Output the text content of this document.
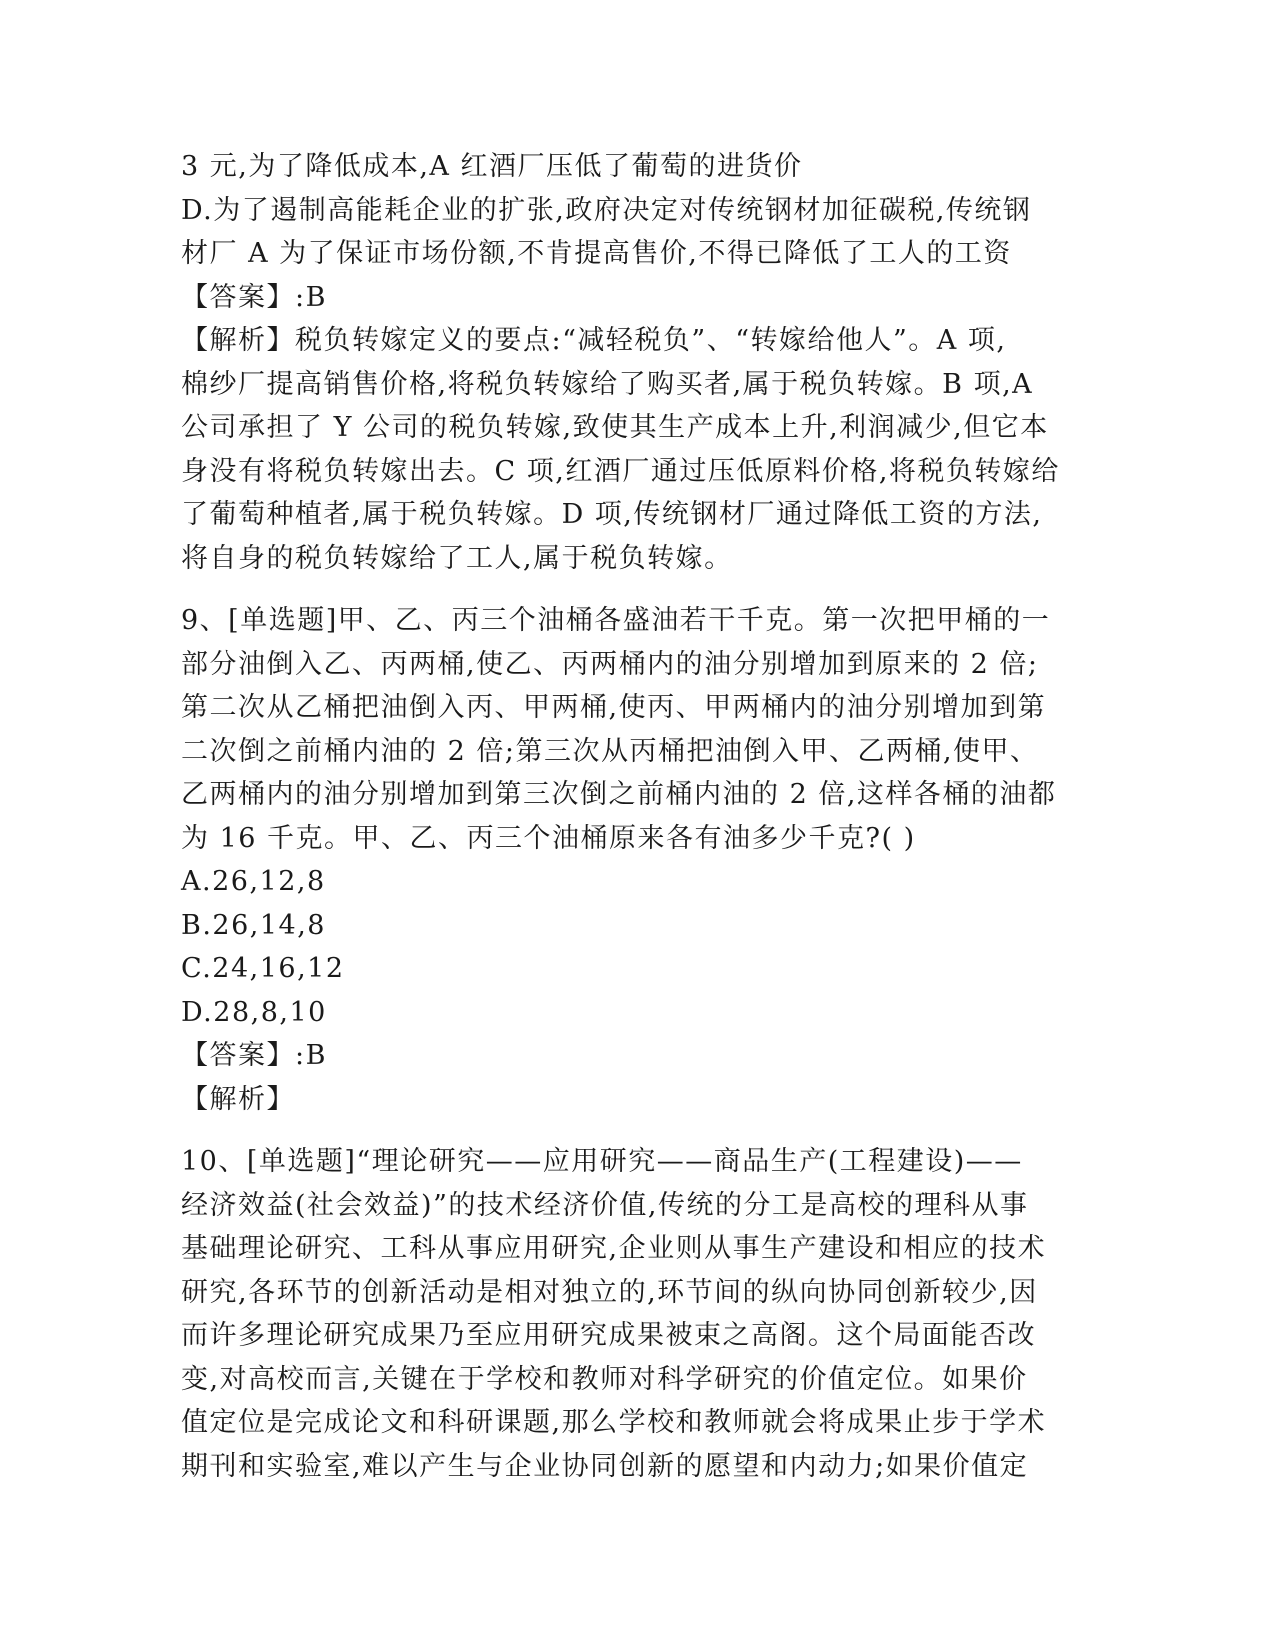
3 元,为了降低成本,A 红酒厂压低了葡萄的进货价
D.为了遏制高能耗企业的扩张,政府决定对传统钢材加征碳税,传统钢
材厂 A 为了保证市场份额,不肯提高售价,不得已降低了工人的工资
【答案】:B
【解析】税负转嫁定义的要点:“减轻税负”、“转嫁给他人”。A 项,
棉纱厂提高销售价格,将税负转嫁给了购买者,属于税负转嫁。B 项,A
公司承担了 Y 公司的税负转嫁,致使其生产成本上升,利润减少,但它本
身没有将税负转嫁出去。C 项,红酒厂通过压低原料价格,将税负转嫁给
了葡萄种植者,属于税负转嫁。D 项,传统钢材厂通过降低工资的方法,
将自身的税负转嫁给了工人,属于税负转嫁。
9、[单选题]甲、乙、丙三个油桶各盛油若干千克。第一次把甲桶的一
部分油倒入乙、丙两桶,使乙、丙两桶内的油分别增加到原来的 2 倍;
第二次从乙桶把油倒入丙、甲两桶,使丙、甲两桶内的油分别增加到第
二次倒之前桶内油的 2 倍;第三次从丙桶把油倒入甲、乙两桶,使甲、
乙两桶内的油分别增加到第三次倒之前桶内油的 2 倍,这样各桶的油都
为 16 千克。甲、乙、丙三个油桶原来各有油多少千克?( )
A.26,12,8
B.26,14,8
C.24,16,12
D.28,8,10
【答案】:B
【解析】
10、[单选题]“理论研究——应用研究——商品生产(工程建设)——
经济效益(社会效益)”的技术经济价值,传统的分工是高校的理科从事
基础理论研究、工科从事应用研究,企业则从事生产建设和相应的技术
研究,各环节的创新活动是相对独立的,环节间的纵向协同创新较少,因
而许多理论研究成果乃至应用研究成果被束之高阁。这个局面能否改
变,对高校而言,关键在于学校和教师对科学研究的价值定位。如果价
值定位是完成论文和科研课题,那么学校和教师就会将成果止步于学术
期刊和实验室,难以产生与企业协同创新的愿望和内动力;如果价值定
